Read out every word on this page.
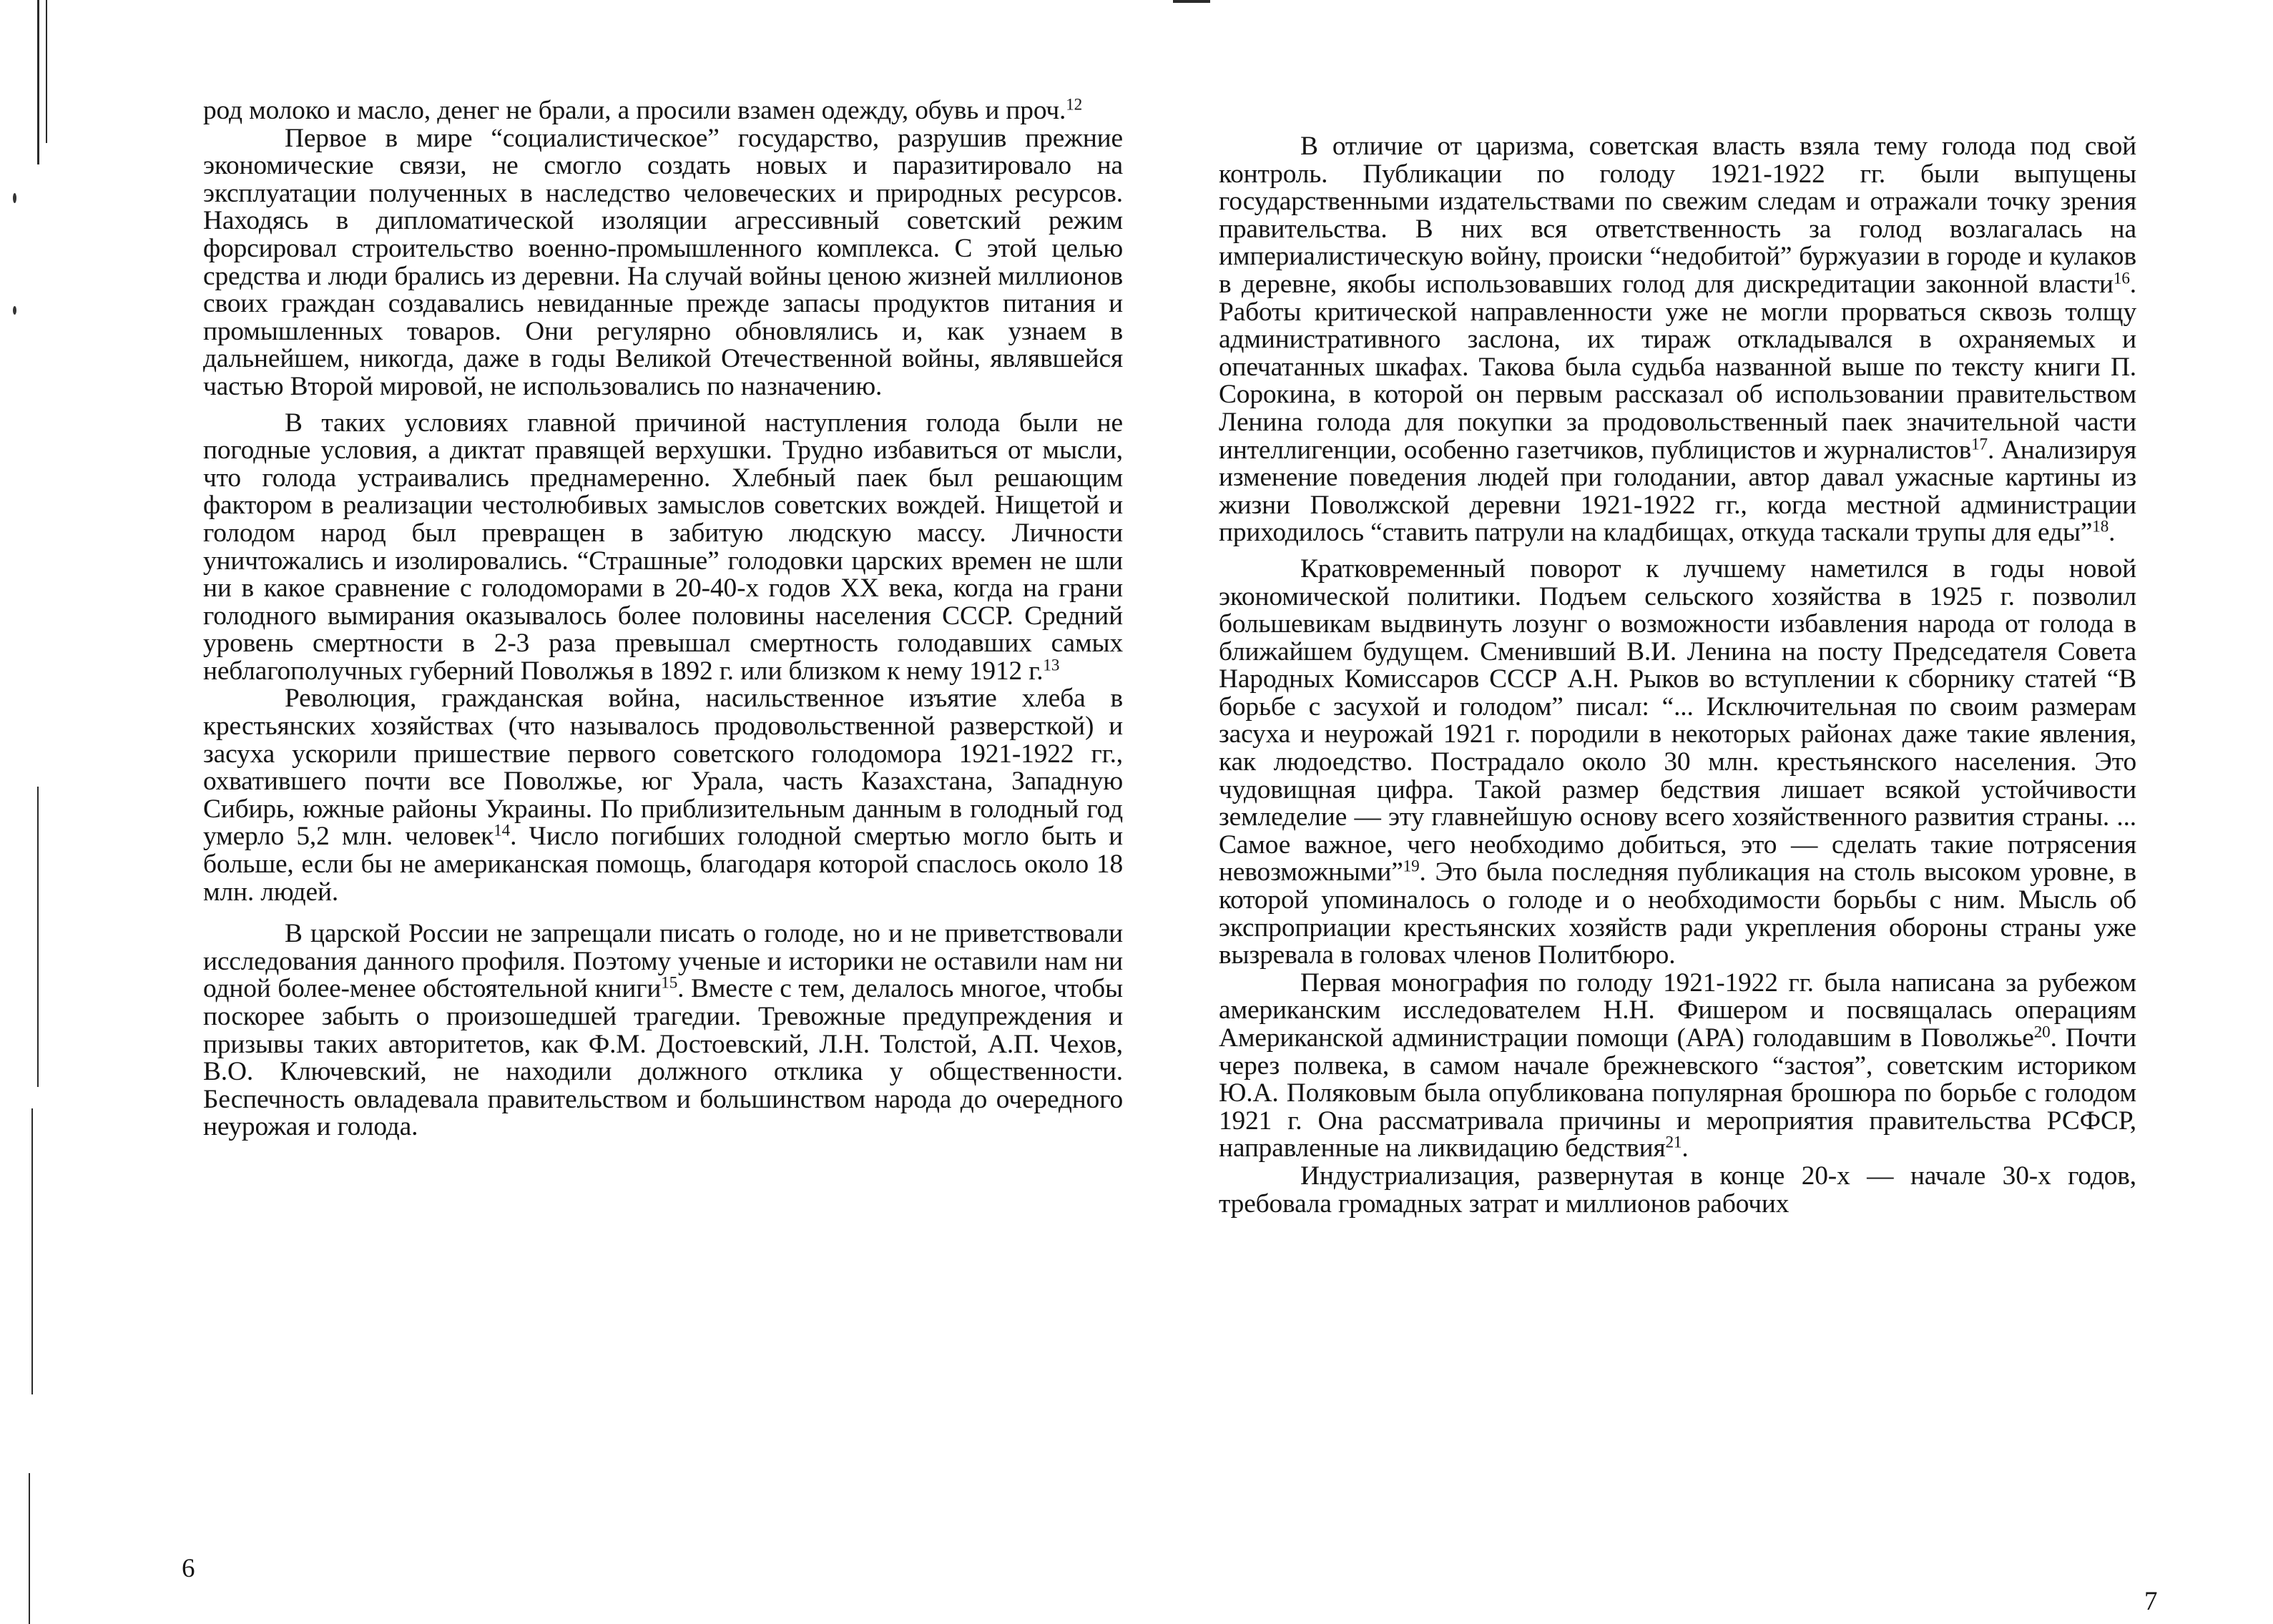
род молоко и масло, денег не брали, а просили взамен одежду, обувь и проч.$^{12}$

Первое в мире “социалистическое” государство, разрушив прежние экономические связи, не смогло создать новых и паразитировало на эксплуатации полученных в наследство человеческих и природных ресурсов. Находясь в дипломатической изоляции агрессивный советский режим форсировал строительство военно-промышленного комплекса. С этой целью средства и люди брались из деревни. На случай войны ценою жизней миллионов своих граждан создавались невиданные прежде запасы продуктов питания и промышленных товаров. Они регулярно обновлялись и, как узнаем в дальнейшем, никогда, даже в годы Великой Отечественной войны, являвшейся частью Второй мировой, не использовались по назначению.

В таких условиях главной причиной наступления голода были не погодные условия, а диктат правящей верхушки. Трудно избавиться от мысли, что голода устраивались преднамеренно. Хлебный паек был решающим фактором в реализации честолюбивых замыслов советских вождей. Нищетой и голодом народ был превращен в забитую людскую массу. Личности уничтожались и изолировались. “Страшные” голодовки царских времен не шли ни в какое сравнение с голодоморами в 20-40-х годов XX века, когда на грани голодного вымирания оказывалось более половины населения СССР. Средний уровень смертности в 2-3 раза превышал смертность голодавших самых неблагополучных губерний Поволжья в 1892 г. или близком к нему 1912 г.$^{13}$

Революция, гражданская война, насильственное изъятие хлеба в крестьянских хозяйствах (что называлось продовольственной разверсткой) и засуха ускорили пришествие первого советского голодомора 1921-1922 гг., охватившего почти все Поволжье, юг Урала, часть Казахстана, Западную Сибирь, южные районы Украины. По приблизительным данным в голодный год умерло 5,2 млн. человек$^{14}$. Число погибших голодной смертью могло быть и больше, если бы не американская помощь, благодаря которой спаслось около 18 млн. людей.

В царской России не запрещали писать о голоде, но и не приветствовали исследования данного профиля. Поэтому ученые и историки не оставили нам ни одной более-менее обстоятельной книги$^{15}$. Вместе с тем, делалось многое, чтобы поскорее забыть о произошедшей трагедии. Тревожные предупреждения и призывы таких авторитетов, как Ф.М. Достоевский, Л.Н. Толстой, А.П. Чехов, В.О. Ключевский, не находили должного отклика у общественности. Беспечность овладевала правительством и большинством народа до очередного неурожая и голода.

6

В отличие от царизма, советская власть взяла тему голода под свой контроль. Публикации по голоду 1921-1922 гг. были выпущены государственными издательствами по свежим следам и отражали точку зрения правительства. В них вся ответственность за голод возлагалась на империалистическую войну, происки “недобитой” буржуазии в городе и кулаков в деревне, якобы использовавших голод для дискредитации законной власти$^{16}$. Работы критической направленности уже не могли прорваться сквозь толщу административного заслона, их тираж откладывался в охраняемых и опечатанных шкафах. Такова была судьба названной выше по тексту книги П. Сорокина, в которой он первым рассказал об использовании правительством Ленина голода для покупки за продовольственный паек значительной части интеллигенции, особенно газетчиков, публицистов и журналистов$^{17}$. Анализируя изменение поведения людей при голодании, автор давал ужасные картины из жизни Поволжской деревни 1921-1922 гг., когда местной администрации приходилось “ставить патрули на кладбищах, откуда таскали трупы для еды”$^{18}$.

Кратковременный поворот к лучшему наметился в годы новой экономической политики. Подъем сельского хозяйства в 1925 г. позволил большевикам выдвинуть лозунг о возможности избавления народа от голода в ближайшем будущем. Сменивший В.И. Ленина на посту Председателя Совета Народных Комиссаров СССР А.Н. Рыков во вступлении к сборнику статей “В борьбе с засухой и голодом” писал: “... Исключительная по своим размерам засуха и неурожай 1921 г. породили в некоторых районах даже такие явления, как людоедство. Пострадало около 30 млн. крестьянского населения. Это чудовищная цифра. Такой размер бедствия лишает всякой устойчивости земледелие — эту главнейшую основу всего хозяйственного развития страны. ... Самое важное, чего необходимо добиться, это — сделать такие потрясения невозможными”$^{19}$. Это была последняя публикация на столь высоком уровне, в которой упоминалось о голоде и о необходимости борьбы с ним. Мысль об экспроприации крестьянских хозяйств ради укрепления обороны страны уже вызревала в головах членов Политбюро.

Первая монография по голоду 1921-1922 гг. была написана за рубежом американским исследователем Н.Н. Фишером и посвящалась операциям Американской администрации помощи (АРА) голодавшим в Поволжье$^{20}$. Почти через полвека, в самом начале брежневского “застоя”, советским историком Ю.А. Поляковым была опубликована популярная брошюра по борьбе с голодом 1921 г. Она рассматривала причины и мероприятия правительства РСФСР, направленные на ликвидацию бедствия$^{21}$.

Индустриализация, развернутая в конце 20-х — начале 30-х годов, требовала громадных затрат и миллионов рабочих

7
